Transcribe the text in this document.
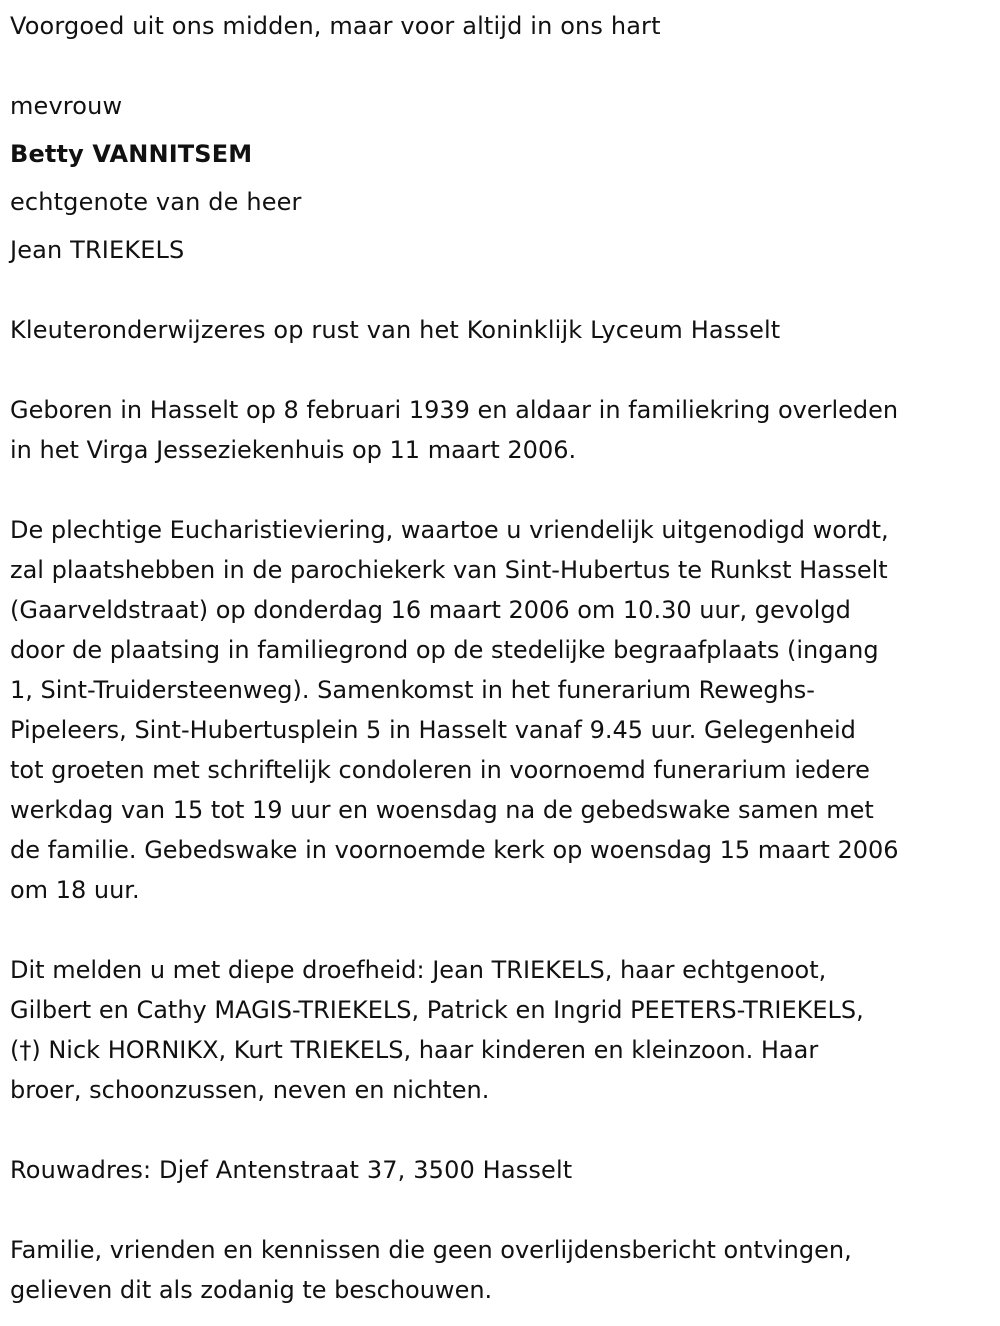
Voorgoed uit ons midden, maar voor altijd in ons hart
mevrouw
Betty VANNITSEM
echtgenote van de heer
Jean TRIEKELS
Kleuteronderwijzeres op rust van het Koninklijk Lyceum Hasselt
Geboren in Hasselt op 8 februari 1939 en aldaar in familiekring overleden
in het Virga Jesseziekenhuis op 11 maart 2006.
De plechtige Eucharistieviering, waartoe u vriendelijk uitgenodigd wordt,
zal plaatshebben in de parochiekerk van Sint-Hubertus te Runkst Hasselt
(Gaarveldstraat) op donderdag 16 maart 2006 om 10.30 uur, gevolgd
door de plaatsing in familiegrond op de stedelijke begraafplaats (ingang
1, Sint-Truidersteenweg). Samenkomst in het funerarium Reweghs-
Pipeleers, Sint-Hubertusplein 5 in Hasselt vanaf 9.45 uur. Gelegenheid
tot groeten met schriftelijk condoleren in voornoemd funerarium iedere
werkdag van 15 tot 19 uur en woensdag na de gebedswake samen met
de familie. Gebedswake in voornoemde kerk op woensdag 15 maart 2006
om 18 uur.
Dit melden u met diepe droefheid: Jean TRIEKELS, haar echtgenoot,
Gilbert en Cathy MAGIS-TRIEKELS, Patrick en Ingrid PEETERS-TRIEKELS,
(†) Nick HORNIKX, Kurt TRIEKELS, haar kinderen en kleinzoon. Haar
broer, schoonzussen, neven en nichten.
Rouwadres: Djef Antenstraat 37, 3500 Hasselt
Familie, vrienden en kennissen die geen overlijdensbericht ontvingen,
gelieven dit als zodanig te beschouwen.
